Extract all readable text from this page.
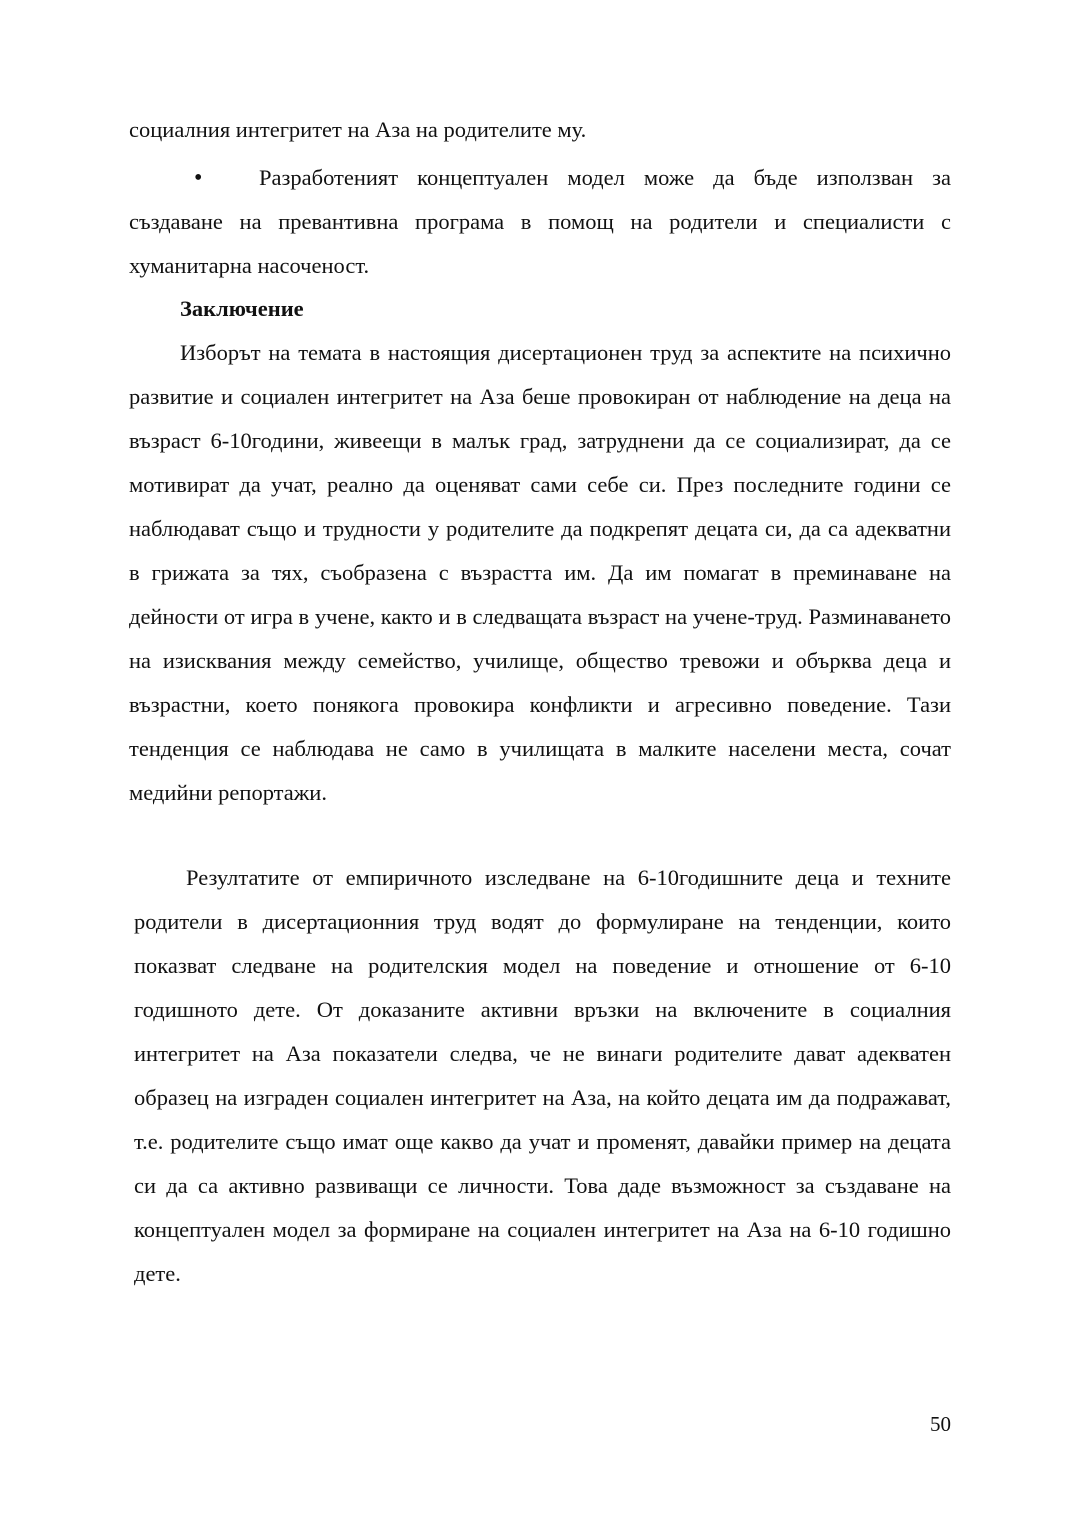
социалния интегритет на Аза на родителите му.

•	Разработеният концептуален модел може да бъде използван за създаване на превантивна програма в помощ на родители и специалисти с хуманитарна насоченост.

Заключение

Изборът на темата в настоящия дисертационен труд за аспектите на психично развитие и социален интегритет на Аза беше провокиран от наблюдение на деца на възраст 6-10години, живеещи в малък град, затруднени да се социализират, да се мотивират да учат, реално да оценяват сами себе си. През последните години се наблюдават също и трудности у родителите да подкрепят децата си, да са адекватни в грижата за тях, съобразена с възрастта им. Да им помагат в преминаване на дейности от игра в учене, както и в следващата възраст на учене-труд. Разминаването на изисквания между семейство, училище, общество тревожи и обърква деца и възрастни, което понякога провокира конфликти и агресивно поведение. Тази тенденция се наблюдава не само в училищата в малките населени места, сочат медийни репортажи.

Резултатите от емпиричното изследване на 6-10годишните деца и техните родители в дисертационния труд водят до формулиране на тенденции, които показват следване на родителския модел на поведение и отношение от 6-10 годишното дете. От доказаните активни връзки на включените в социалния интегритет на Аза показатели следва, че не винаги родителите дават адекватен образец на изграден социален интегритет на Аза, на който децата им да подражават, т.е. родителите също имат още какво да учат и променят, давайки пример на децата си да са активно развиващи се личности. Това даде възможност за създаване на концептуален модел за формиране на социален интегритет на Аза на 6-10 годишно дете.

50
